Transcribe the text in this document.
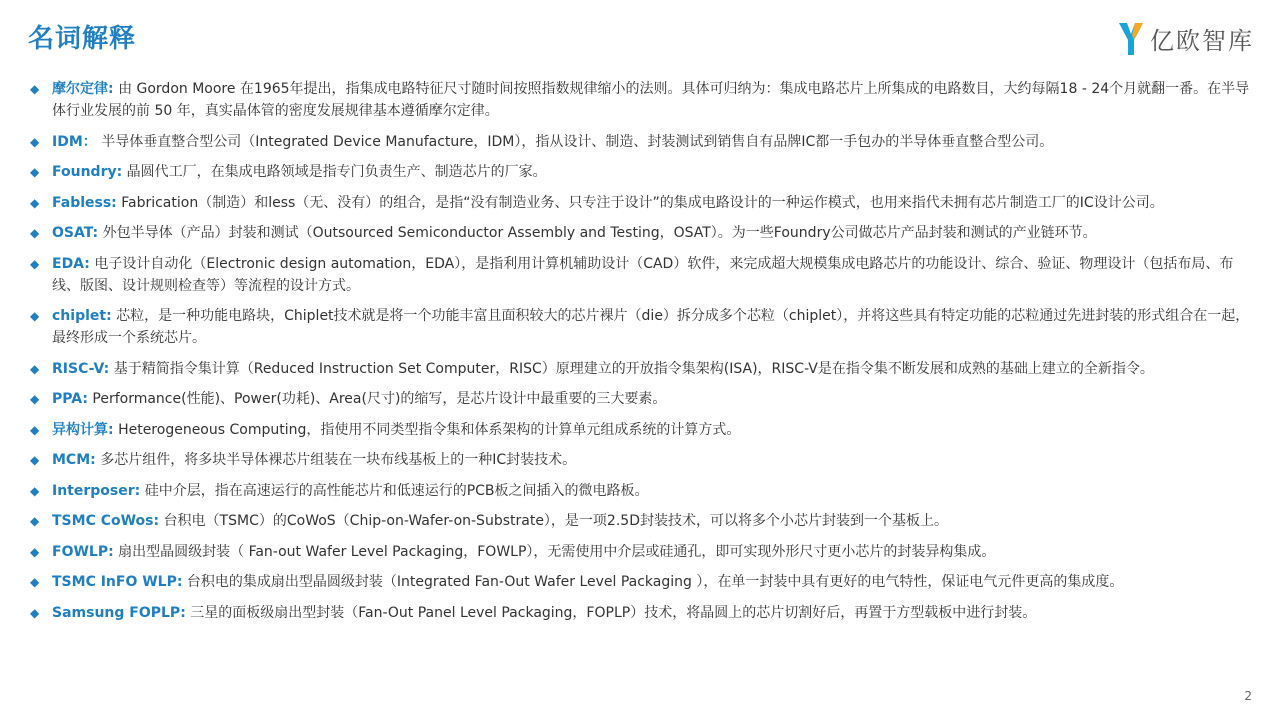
名词解释	亿欧智库
◆ 摩尔定律: 由 Gordon Moore 在1965年提出，指集成电路特征尺寸随时间按照指数规律缩小的法则。具体可归纳为：集成电路芯片上所集成的电路数目，大约每隔18 - 24个月就翻一番。在半导体行业发展的前 50 年，真实晶体管的密度发展规律基本遵循摩尔定律。
◆ IDM： 半导体垂直整合型公司（Integrated Device Manufacture，IDM），指从设计、制造、封装测试到销售自有品牌IC都一手包办的半导体垂直整合型公司。
◆ Foundry: 晶圆代工厂，在集成电路领域是指专门负责生产、制造芯片的厂家。
◆ Fabless: Fabrication（制造）和less（无、没有）的组合，是指“没有制造业务、只专注于设计”的集成电路设计的一种运作模式，也用来指代未拥有芯片制造工厂的IC设计公司。
◆ OSAT: 外包半导体（产品）封装和测试（Outsourced Semiconductor Assembly and Testing，OSAT）。为一些Foundry公司做芯片产品封装和测试的产业链环节。
◆ EDA: 电子设计自动化（Electronic design automation，EDA），是指利用计算机辅助设计（CAD）软件，来完成超大规模集成电路芯片的功能设计、综合、验证、物理设计（包括布局、布线、版图、设计规则检查等）等流程的设计方式。
◆ chiplet: 芯粒，是一种功能电路块，Chiplet技术就是将一个功能丰富且面积较大的芯片裸片（die）拆分成多个芯粒（chiplet），并将这些具有特定功能的芯粒通过先进封装的形式组合在一起，最终形成一个系统芯片。
◆ RISC-V: 基于精简指令集计算（Reduced Instruction Set Computer，RISC）原理建立的开放指令集架构(ISA)，RISC-V是在指令集不断发展和成熟的基础上建立的全新指令。
◆ PPA: Performance(性能)、Power(功耗)、Area(尺寸)的缩写，是芯片设计中最重要的三大要素。
◆ 异构计算: Heterogeneous Computing，指使用不同类型指令集和体系架构的计算单元组成系统的计算方式。
◆ MCM: 多芯片组件，将多块半导体裸芯片组装在一块布线基板上的一种IC封装技术。
◆ Interposer: 硅中介层，指在高速运行的高性能芯片和低速运行的PCB板之间插入的微电路板。
◆ TSMC CoWos: 台积电（TSMC）的CoWoS（Chip-on-Wafer-on-Substrate），是一项2.5D封装技术，可以将多个小芯片封装到一个基板上。
◆ FOWLP: 扇出型晶圆级封装（ Fan-out Wafer Level Packaging，FOWLP），无需使用中介层或硅通孔，即可实现外形尺寸更小芯片的封装异构集成。
◆ TSMC InFO WLP: 台积电的集成扇出型晶圆级封装（Integrated Fan-Out Wafer Level Packaging ），在单一封装中具有更好的电气特性，保证电气元件更高的集成度。
◆ Samsung FOPLP: 三星的面板级扇出型封装（Fan-Out Panel Level Packaging，FOPLP）技术，将晶圆上的芯片切割好后，再置于方型载板中进行封装。
2
